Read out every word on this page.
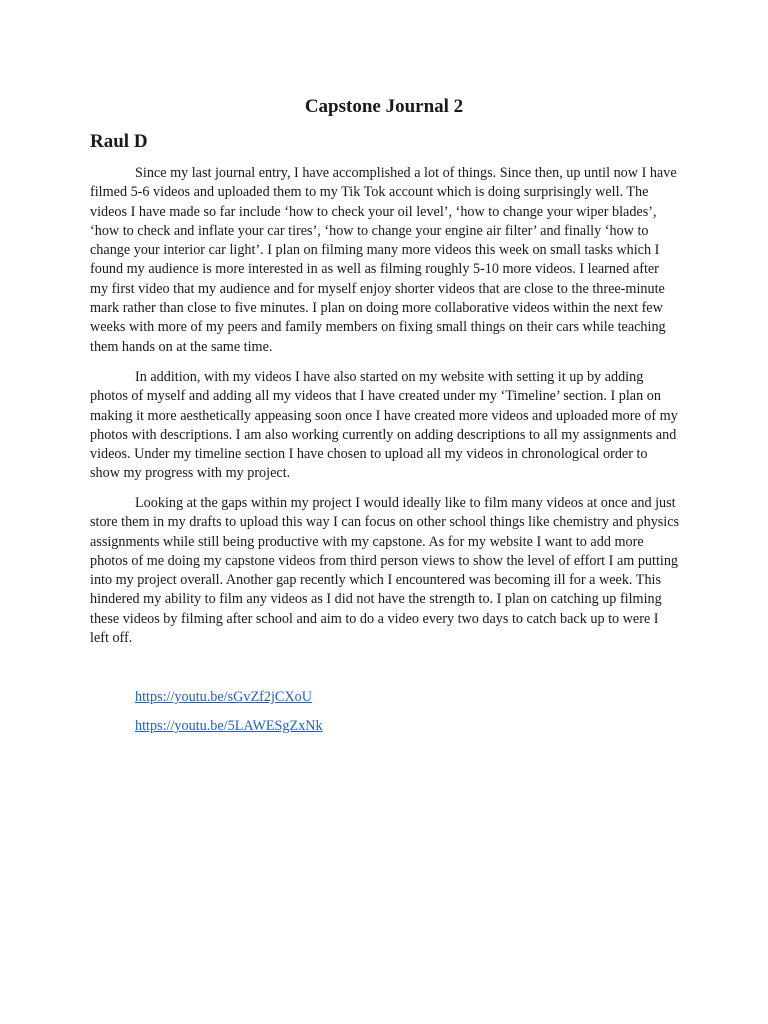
Capstone Journal 2
Raul D

Since my last journal entry, I have accomplished a lot of things. Since then, up until now I have filmed 5-6 videos and uploaded them to my Tik Tok account which is doing surprisingly well. The videos I have made so far include ‘how to check your oil level’, ‘how to change your wiper blades’, ‘how to check and inflate your car tires’, ‘how to change your engine air filter’ and finally ‘how to change your interior car light’. I plan on filming many more videos this week on small tasks which I found my audience is more interested in as well as filming roughly 5-10 more videos. I learned after my first video that my audience and for myself enjoy shorter videos that are close to the three-minute mark rather than close to five minutes. I plan on doing more collaborative videos within the next few weeks with more of my peers and family members on fixing small things on their cars while teaching them hands on at the same time.

In addition, with my videos I have also started on my website with setting it up by adding photos of myself and adding all my videos that I have created under my ‘Timeline’ section. I plan on making it more aesthetically appeasing soon once I have created more videos and uploaded more of my photos with descriptions. I am also working currently on adding descriptions to all my assignments and videos. Under my timeline section I have chosen to upload all my videos in chronological order to show my progress with my project.

Looking at the gaps within my project I would ideally like to film many videos at once and just store them in my drafts to upload this way I can focus on other school things like chemistry and physics assignments while still being productive with my capstone. As for my website I want to add more photos of me doing my capstone videos from third person views to show the level of effort I am putting into my project overall. Another gap recently which I encountered was becoming ill for a week. This hindered my ability to film any videos as I did not have the strength to. I plan on catching up filming these videos by filming after school and aim to do a video every two days to catch back up to were I left off.

https://youtu.be/sGvZf2jCXoU
https://youtu.be/5LAWESgZxNk
